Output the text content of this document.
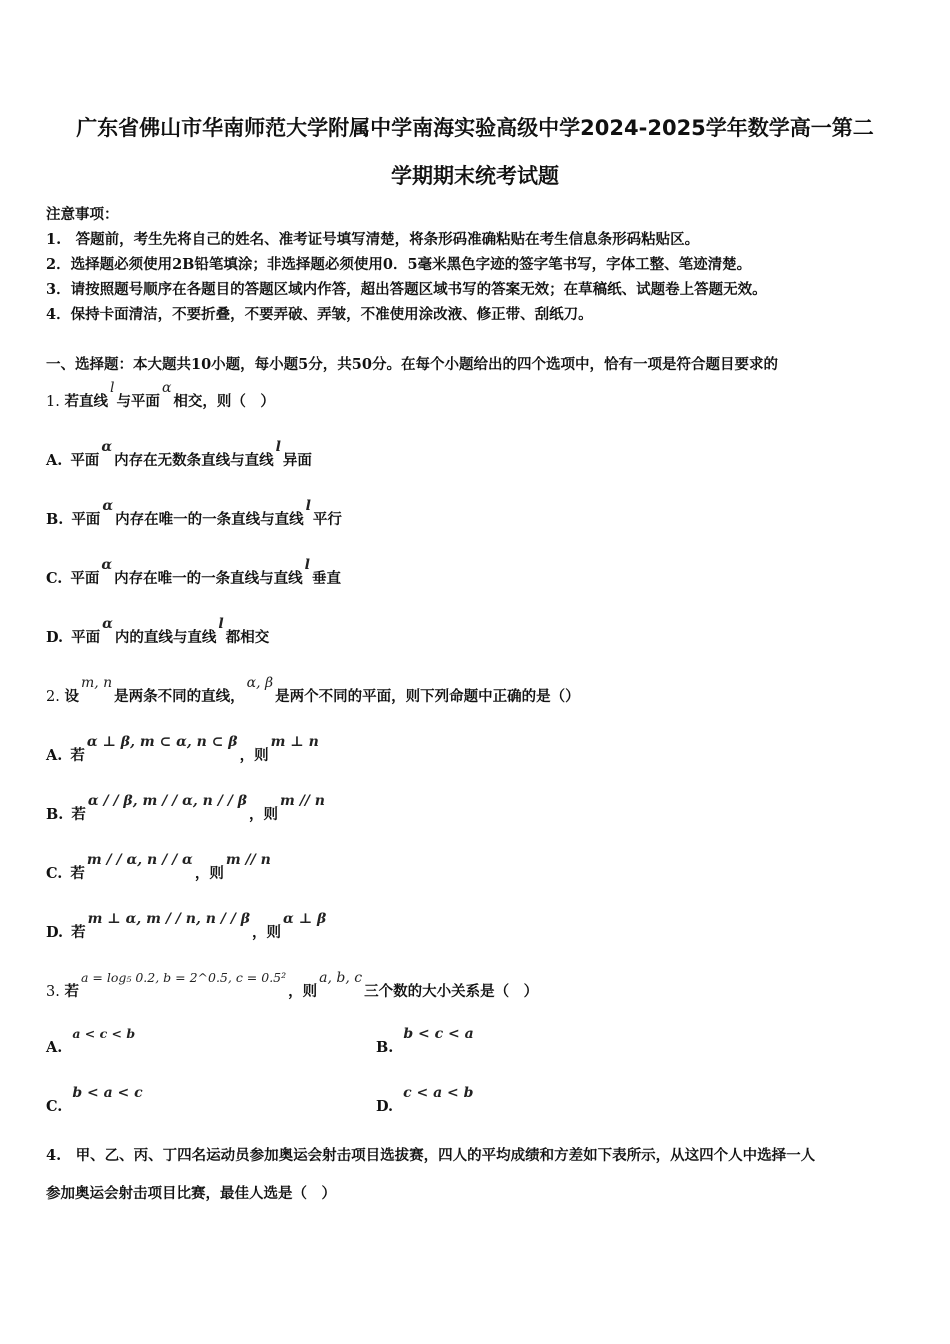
广东省佛山市华南师范大学附属中学南海实验高级中学2024-2025学年数学高一第二
学期期末统考试题
注意事项：
1.　答题前，考生先将自己的姓名、准考证号填写清楚，将条形码准确粘贴在考生信息条形码粘贴区。
2．选择题必须使用2B铅笔填涂；非选择题必须使用0．5毫米黑色字迹的签字笔书写，字体工整、笔迹清楚。
3．请按照题号顺序在各题目的答题区域内作答，超出答题区域书写的答案无效；在草稿纸、试题卷上答题无效。
4．保持卡面清洁，不要折叠，不要弄破、弄皱，不准使用涂改液、修正带、刮纸刀。
一、选择题：本大题共10小题，每小题5分，共50分。在每个小题给出的四个选项中，恰有一项是符合题目要求的
1. 若直线l与平面α相交，则（　）
A. 平面α内存在无数条直线与直线l异面
B. 平面α内存在唯一的一条直线与直线l平行
C. 平面α内存在唯一的一条直线与直线l垂直
D. 平面α内的直线与直线l都相交
2. 设m, n是两条不同的直线，α, β是两个不同的平面，则下列命题中正确的是（）
A. 若α ⊥ β, m ⊂ α, n ⊂ β，则m ⊥ n
B. 若α / / β, m / / α, n / / β，则m // n
C. 若m / / α, n / / α，则m // n
D. 若m ⊥ α, m / / n, n / / β，则α ⊥ β
3. 若a = log₅ 0.2, b = 2^0.5, c = 0.5²，则a, b, c三个数的大小关系是（　）
A.a < c < b
B.b < c < a
C.b < a < c
D.c < a < b
4.　甲、乙、丙、丁四名运动员参加奥运会射击项目选拔赛，四人的平均成绩和方差如下表所示，从这四个人中选择一人
参加奥运会射击项目比赛，最佳人选是（　）
